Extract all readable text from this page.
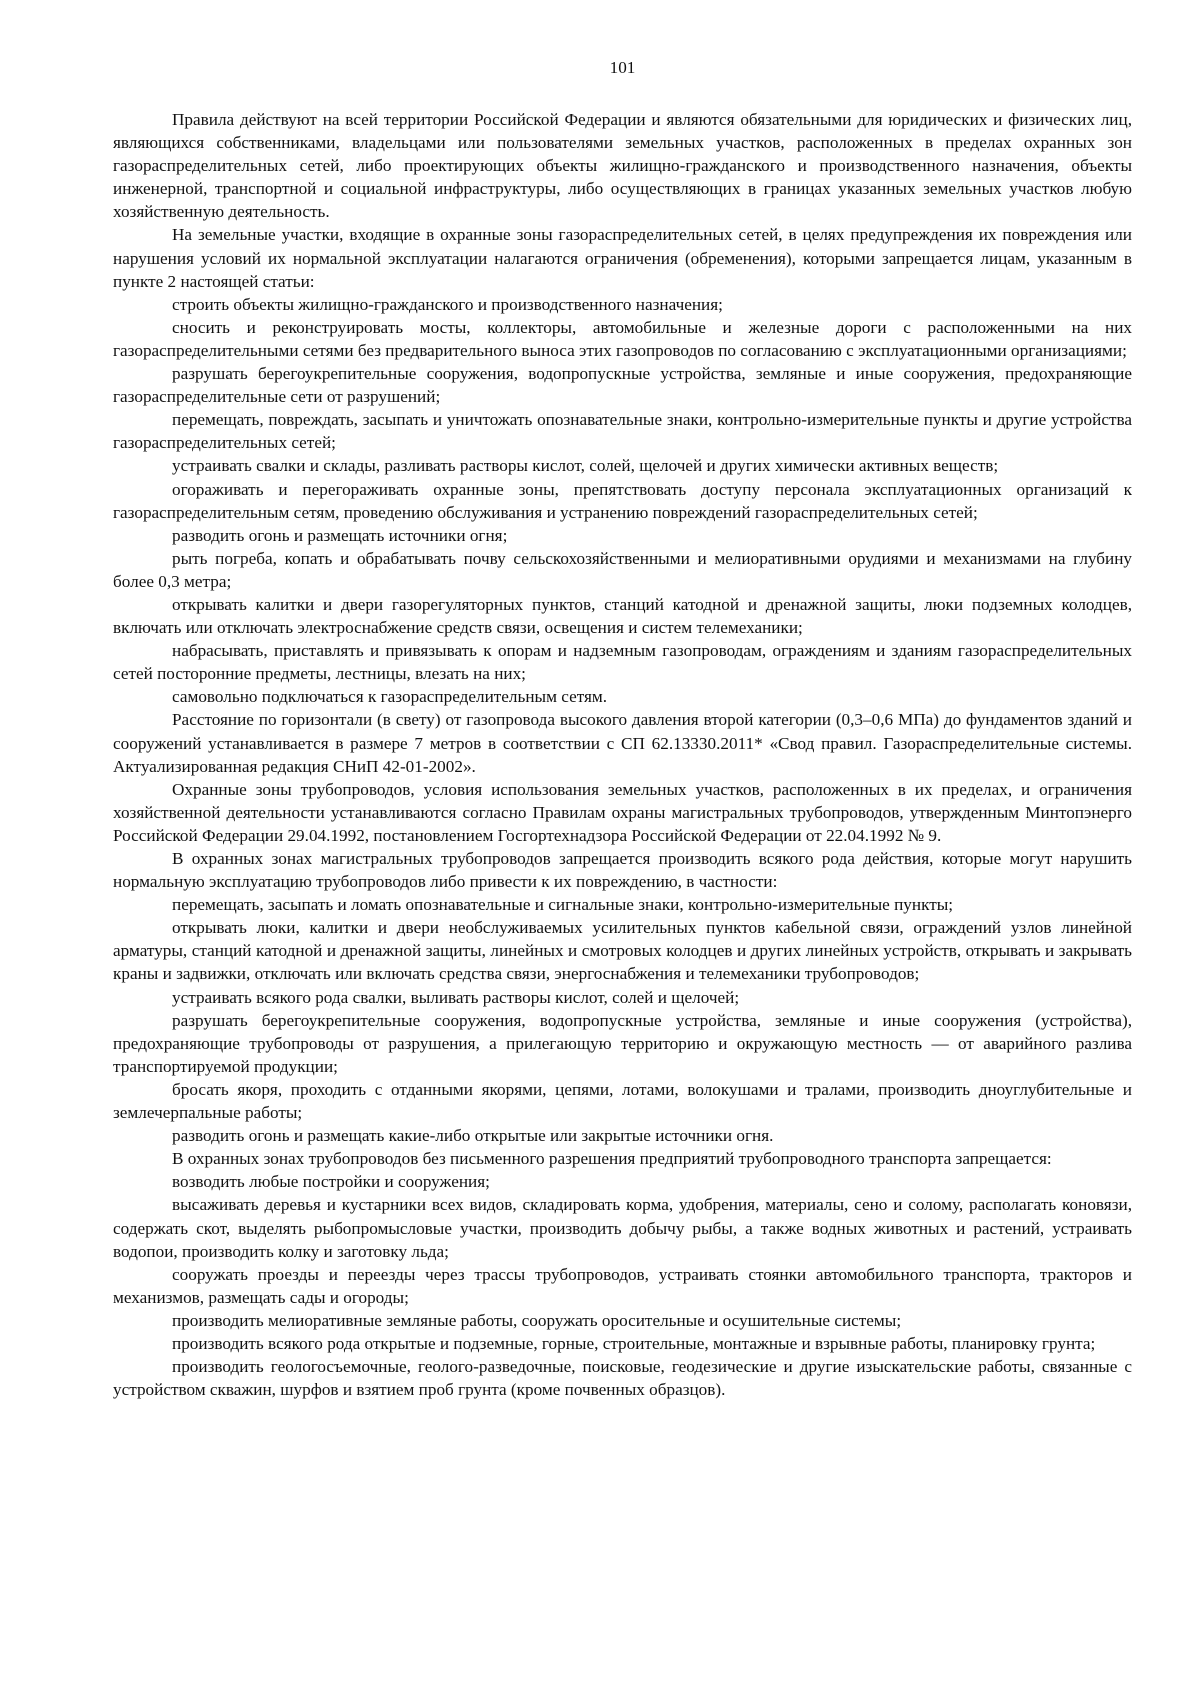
101

Правила действуют на всей территории Российской Федерации и являются обязательными для юридических и физических лиц, являющихся собственниками, владельцами или пользователями земельных участков, расположенных в пределах охранных зон газораспределительных сетей, либо проектирующих объекты жилищно-гражданского и производственного назначения, объекты инженерной, транспортной и социальной инфраструктуры, либо осуществляющих в границах указанных земельных участков любую хозяйственную деятельность.

На земельные участки, входящие в охранные зоны газораспределительных сетей, в целях предупреждения их повреждения или нарушения условий их нормальной эксплуатации налагаются ограничения (обременения), которыми запрещается лицам, указанным в пункте 2 настоящей статьи:

строить объекты жилищно-гражданского и производственного назначения;

сносить и реконструировать мосты, коллекторы, автомобильные и железные дороги с расположенными на них газораспределительными сетями без предварительного выноса этих газопроводов по согласованию с эксплуатационными организациями;

разрушать берегоукрепительные сооружения, водопропускные устройства, земляные и иные сооружения, предохраняющие газораспределительные сети от разрушений;

перемещать, повреждать, засыпать и уничтожать опознавательные знаки, контрольно-измерительные пункты и другие устройства газораспределительных сетей;

устраивать свалки и склады, разливать растворы кислот, солей, щелочей и других химически активных веществ;

огораживать и перегораживать охранные зоны, препятствовать доступу персонала эксплуатационных организаций к газораспределительным сетям, проведению обслуживания и устранению повреждений газораспределительных сетей;

разводить огонь и размещать источники огня;

рыть погреба, копать и обрабатывать почву сельскохозяйственными и мелиоративными орудиями и механизмами на глубину более 0,3 метра;

открывать калитки и двери газорегуляторных пунктов, станций катодной и дренажной защиты, люки подземных колодцев, включать или отключать электроснабжение средств связи, освещения и систем телемеханики;

набрасывать, приставлять и привязывать к опорам и надземным газопроводам, ограждениям и зданиям газораспределительных сетей посторонние предметы, лестницы, влезать на них;

самовольно подключаться к газораспределительным сетям.

Расстояние по горизонтали (в свету) от газопровода высокого давления второй категории (0,3–0,6 МПа) до фундаментов зданий и сооружений устанавливается в размере 7 метров в соответствии с СП 62.13330.2011* «Свод правил. Газораспределительные системы. Актуализированная редакция СНиП 42-01-2002».

Охранные зоны трубопроводов, условия использования земельных участков, расположенных в их пределах, и ограничения хозяйственной деятельности устанавливаются согласно Правилам охраны магистральных трубопроводов, утвержденным Минтопэнерго Российской Федерации 29.04.1992, постановлением Госгортехнадзора Российской Федерации от 22.04.1992 № 9.

В охранных зонах магистральных трубопроводов запрещается производить всякого рода действия, которые могут нарушить нормальную эксплуатацию трубопроводов либо привести к их повреждению, в частности:

перемещать, засыпать и ломать опознавательные и сигнальные знаки, контрольно-измерительные пункты;

открывать люки, калитки и двери необслуживаемых усилительных пунктов кабельной связи, ограждений узлов линейной арматуры, станций катодной и дренажной защиты, линейных и смотровых колодцев и других линейных устройств, открывать и закрывать краны и задвижки, отключать или включать средства связи, энергоснабжения и телемеханики трубопроводов;

устраивать всякого рода свалки, выливать растворы кислот, солей и щелочей;

разрушать берегоукрепительные сооружения, водопропускные устройства, земляные и иные сооружения (устройства), предохраняющие трубопроводы от разрушения, а прилегающую территорию и окружающую местность — от аварийного разлива транспортируемой продукции;

бросать якоря, проходить с отданными якорями, цепями, лотами, волокушами и тралами, производить дноуглубительные и землечерпальные работы;

разводить огонь и размещать какие-либо открытые или закрытые источники огня.

В охранных зонах трубопроводов без письменного разрешения предприятий трубопроводного транспорта запрещается:

возводить любые постройки и сооружения;

высаживать деревья и кустарники всех видов, складировать корма, удобрения, материалы, сено и солому, располагать коновязи, содержать скот, выделять рыбопромысловые участки, производить добычу рыбы, а также водных животных и растений, устраивать водопои, производить колку и заготовку льда;

сооружать проезды и переезды через трассы трубопроводов, устраивать стоянки автомобильного транспорта, тракторов и механизмов, размещать сады и огороды;

производить мелиоративные земляные работы, сооружать оросительные и осушительные системы;

производить всякого рода открытые и подземные, горные, строительные, монтажные и взрывные работы, планировку грунта;

производить геологосъемочные, геолого-разведочные, поисковые, геодезические и другие изыскательские работы, связанные с устройством скважин, шурфов и взятием проб грунта (кроме почвенных образцов).
